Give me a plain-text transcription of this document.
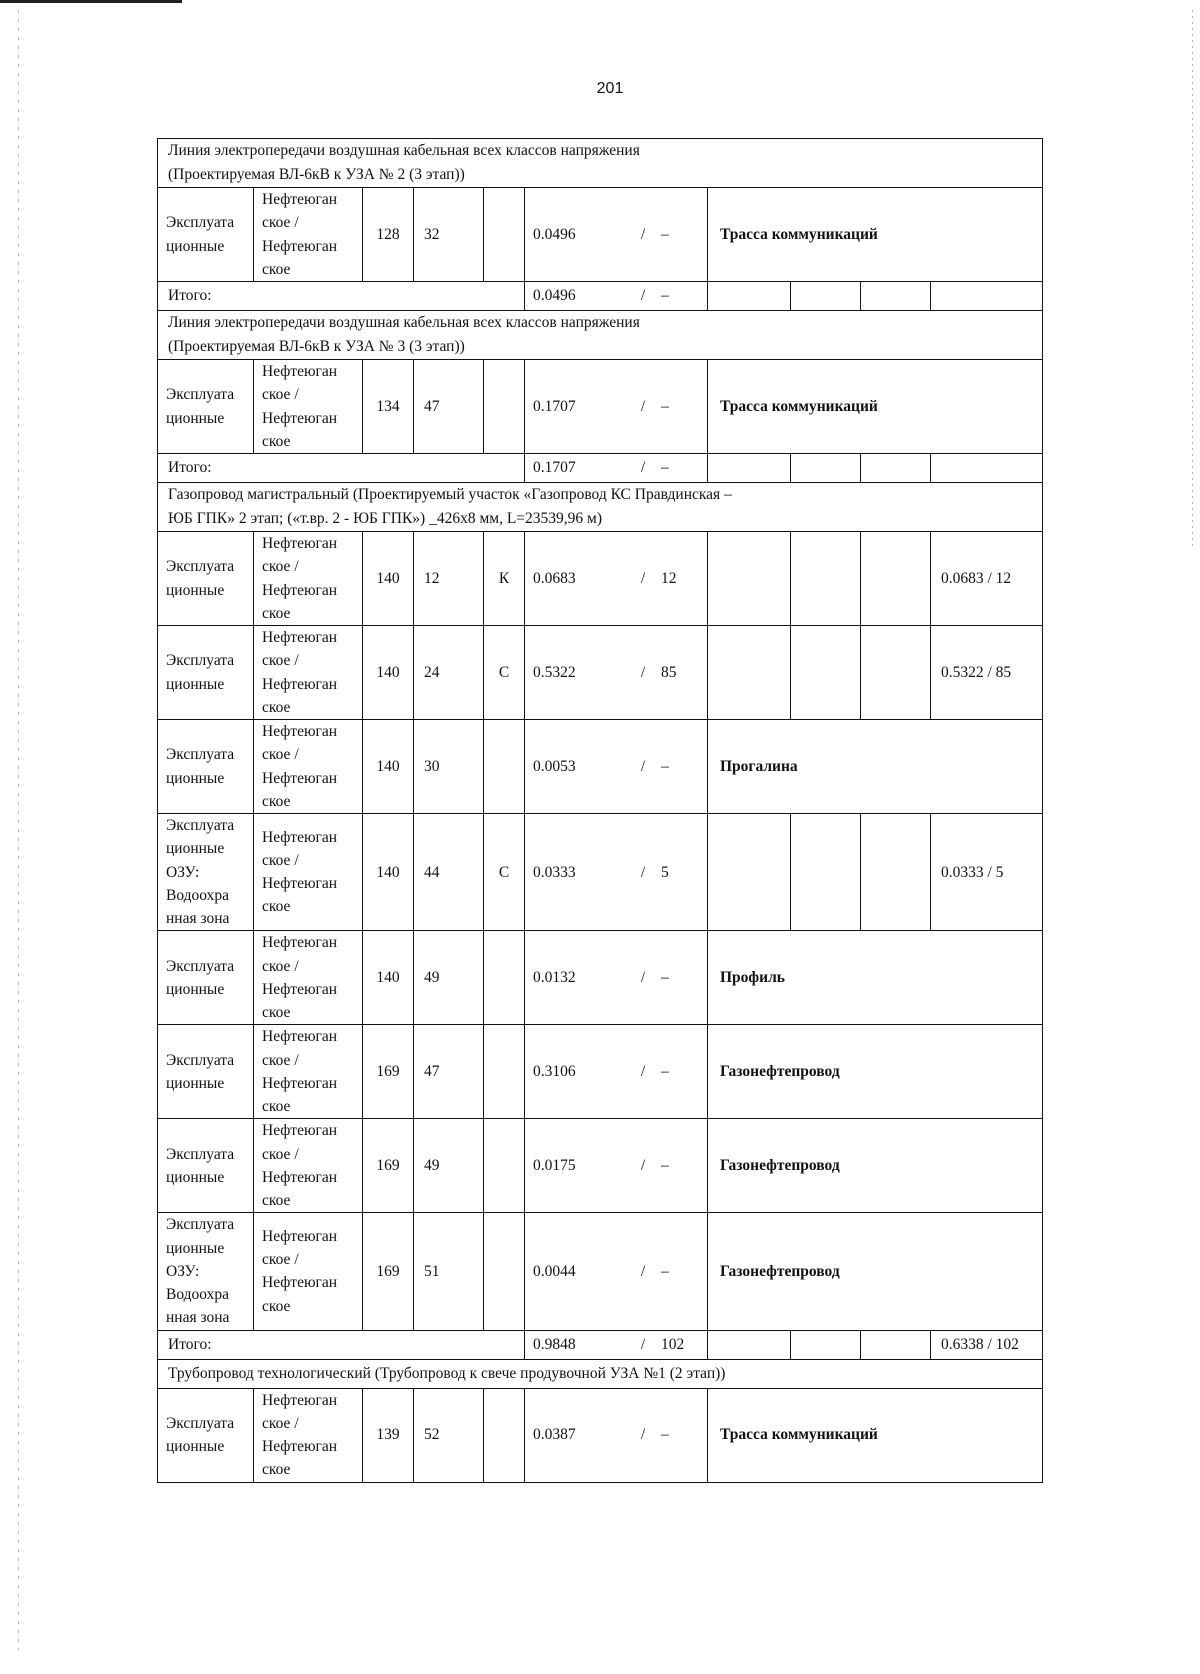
201
Линия электропередачи воздушная кабельная всех классов напряжения
(Проектируемая ВЛ-6кВ к УЗА № 2 (3 этап))									
Эксплуата
ционные	Нефтеюган
ское /
Нефтеюган
ское	128	32		0.0496 / –	Трасса коммуникаций			
Итого:					0.0496 / –				
Линия электропередачи воздушная кабельная всех классов напряжения
(Проектируемая ВЛ-6кВ к УЗА № 3 (3 этап))									
Эксплуата
ционные	Нефтеюган
ское /
Нефтеюган
ское	134	47		0.1707 / –	Трасса коммуникаций			
Итого:					0.1707 / –				
Газопровод магистральный (Проектируемый участок «Газопровод КС Правдинская –
ЮБ ГПК» 2 этап; («т.вр. 2 - ЮБ ГПК») _426х8 мм, L=23539,96 м)									
Эксплуата
ционные	Нефтеюган
ское /
Нефтеюган
ское	140	12	К	0.0683 / 12				0.0683 / 12
Эксплуата
ционные	Нефтеюган
ское /
Нефтеюган
ское	140	24	С	0.5322 / 85				0.5322 / 85
Эксплуата
ционные	Нефтеюган
ское /
Нефтеюган
ское	140	30		0.0053 / –	Прогалина			
Эксплуата
ционные
ОЗУ:
Водоохра
нная зона	Нефтеюган
ское /
Нефтеюган
ское	140	44	С	0.0333 / 5				0.0333 / 5
Эксплуата
ционные	Нефтеюган
ское /
Нефтеюган
ское	140	49		0.0132 / –	Профиль			
Эксплуата
ционные	Нефтеюган
ское /
Нефтеюган
ское	169	47		0.3106 / –	Газонефтепровод			
Эксплуата
ционные	Нефтеюган
ское /
Нефтеюган
ское	169	49		0.0175 / –	Газонефтепровод			
Эксплуата
ционные
ОЗУ:
Водоохра
нная зона	Нефтеюган
ское /
Нефтеюган
ское	169	51		0.0044 / –	Газонефтепровод			
Итого:					0.9848 / 102				0.6338 / 102
Трубопровод технологический (Трубопровод к свече продувочной УЗА №1 (2 этап))									
Эксплуата
ционные	Нефтеюган
ское /
Нефтеюган
ское	139	52		0.0387 / –	Трасса коммуникаций			
